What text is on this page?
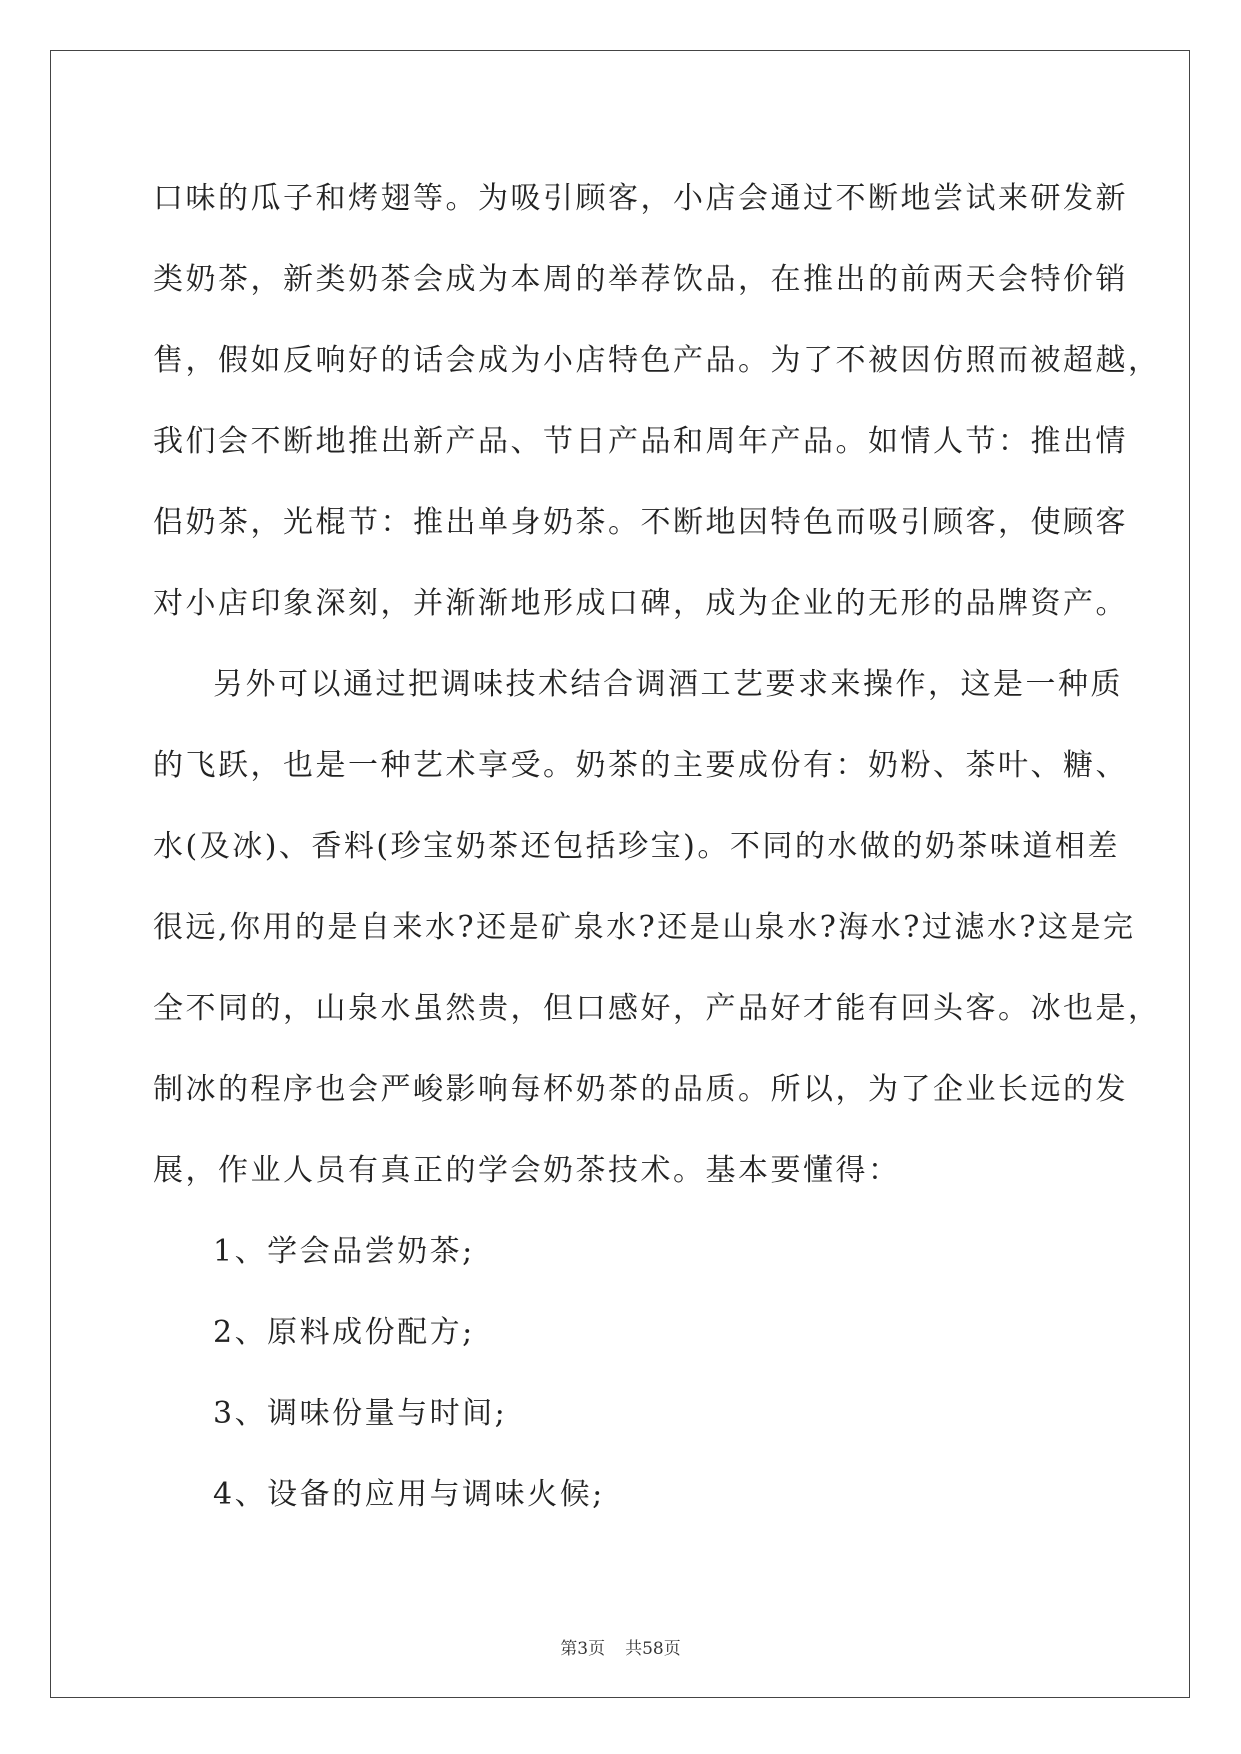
口味的瓜子和烤翅等。为吸引顾客，小店会通过不断地尝试来研发新
类奶茶，新类奶茶会成为本周的举荐饮品，在推出的前两天会特价销
售，假如反响好的话会成为小店特色产品。为了不被因仿照而被超越，
我们会不断地推出新产品、节日产品和周年产品。如情人节：推出情
侣奶茶，光棍节：推出单身奶茶。不断地因特色而吸引顾客，使顾客
对小店印象深刻，并渐渐地形成口碑，成为企业的无形的品牌资产。
另外可以通过把调味技术结合调酒工艺要求来操作，这是一种质
的飞跃，也是一种艺术享受。奶茶的主要成份有：奶粉、茶叶、糖、
水(及冰)、香料(珍宝奶茶还包括珍宝)。不同的水做的奶茶味道相差
很远,你用的是自来水?还是矿泉水?还是山泉水?海水?过滤水?这是完
全不同的，山泉水虽然贵，但口感好，产品好才能有回头客。冰也是，
制冰的程序也会严峻影响每杯奶茶的品质。所以，为了企业长远的发
展，作业人员有真正的学会奶茶技术。基本要懂得：
1、学会品尝奶茶;
2、原料成份配方;
3、调味份量与时间;
4、设备的应用与调味火候;
第3页 共58页
